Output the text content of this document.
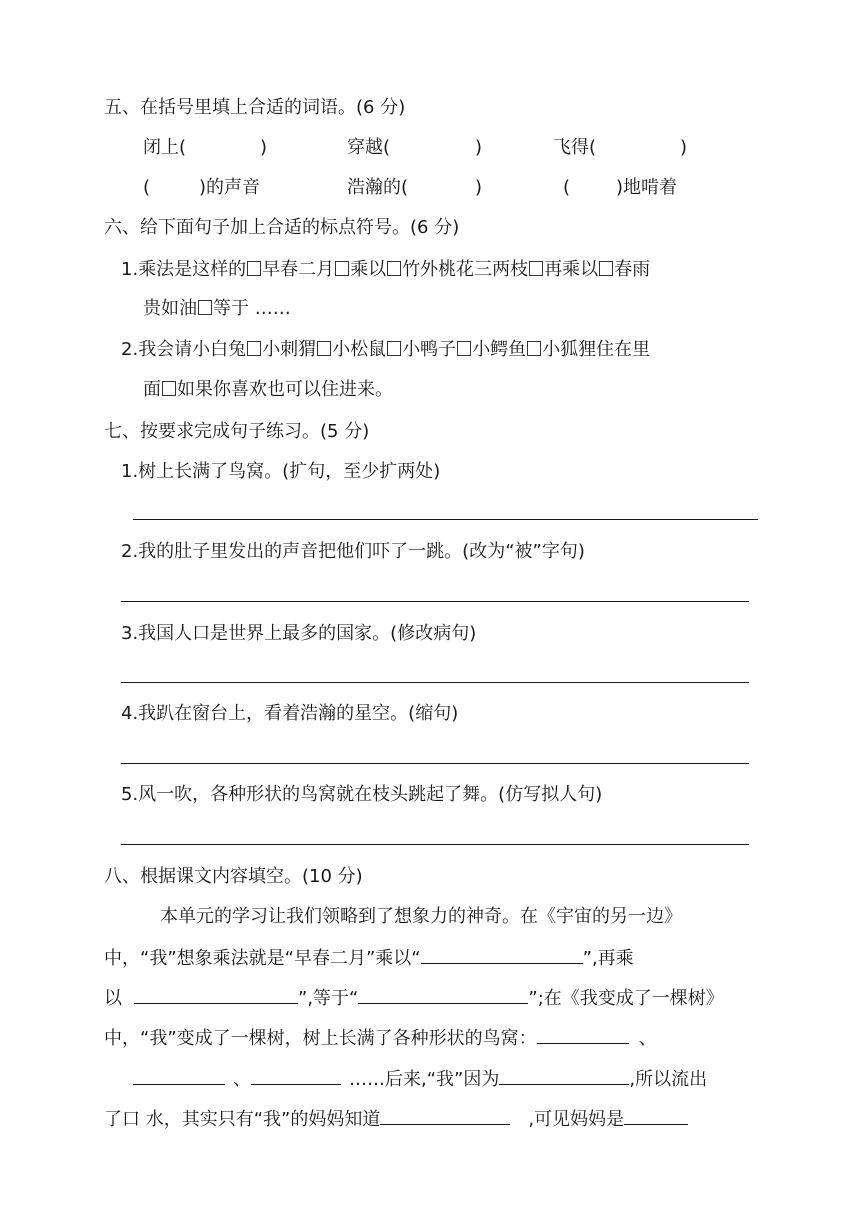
五、在括号里填上合适的词语。(6 分)
闭上(	)	穿越(	)	飞得(	)
(	)的声音	浩瀚的(	)	(	)地啃着
六、给下面句子加上合适的标点符号。(6 分)
1.乘法是这样的 早春二月 乘以 竹外桃花三两枝 再乘以 春雨
贵如油 等于 ……
2.我会请小白兔 小刺猬 小松鼠 小鸭子 小鳄鱼 小狐狸住在里
面 如果你喜欢也可以住进来。
七、按要求完成句子练习。(5 分)
1.树上长满了鸟窝。(扩句，至少扩两处)
2.我的肚子里发出的声音把他们吓了一跳。(改为“被”字句)
3.我国人口是世界上最多的国家。(修改病句)
4.我趴在窗台上，看着浩瀚的星空。(缩句)
5.风一吹，各种形状的鸟窝就在枝头跳起了舞。(仿写拟人句)
八、根据课文内容填空。(10 分)
本单元的学习让我们领略到了想象力的神奇。在《宇宙的另一边》
中，“我”想象乘法就是“早春二月”乘以“	”,再乘
以	”,等于“	”;在《我变成了一棵树》
中，“我”变成了一棵树，树上长满了各种形状的鸟窝：	、
、	……后来,“我”因为	,所以流出
了口 水，其实只有“我”的妈妈知道	,可见妈妈是
